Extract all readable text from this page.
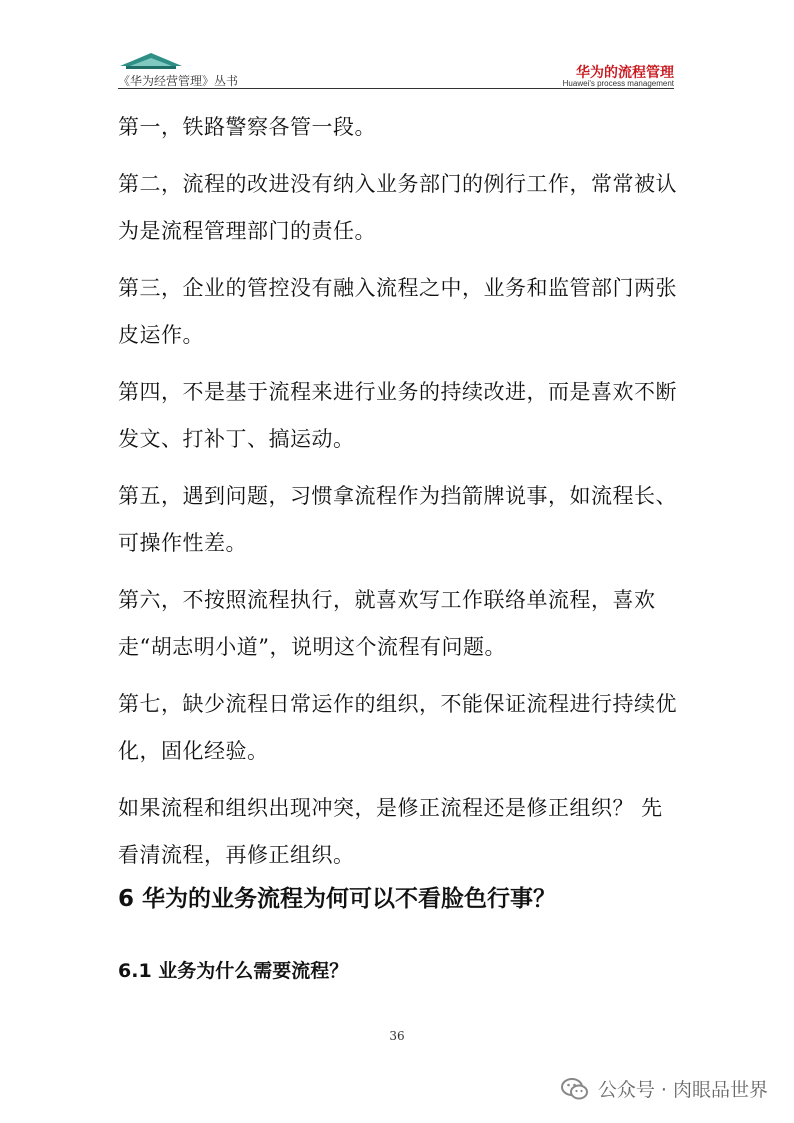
《华为经营管理》丛书	华为的流程管理
Huawei's process management

第一，铁路警察各管一段。

第二，流程的改进没有纳入业务部门的例行工作，常常被认为是流程管理部门的责任。

第三，企业的管控没有融入流程之中，业务和监管部门两张皮运作。

第四，不是基于流程来进行业务的持续改进，而是喜欢不断发文、打补丁、搞运动。

第五，遇到问题，习惯拿流程作为挡箭牌说事，如流程长、可操作性差。

第六，不按照流程执行，就喜欢写工作联络单流程，喜欢走“胡志明小道”，说明这个流程有问题。

第七，缺少流程日常运作的组织，不能保证流程进行持续优化，固化经验。

如果流程和组织出现冲突，是修正流程还是修正组织？ 先看清流程，再修正组织。

6 华为的业务流程为何可以不看脸色行事？
6.1 业务为什么需要流程？
36
公众号 · 肉眼品世界
